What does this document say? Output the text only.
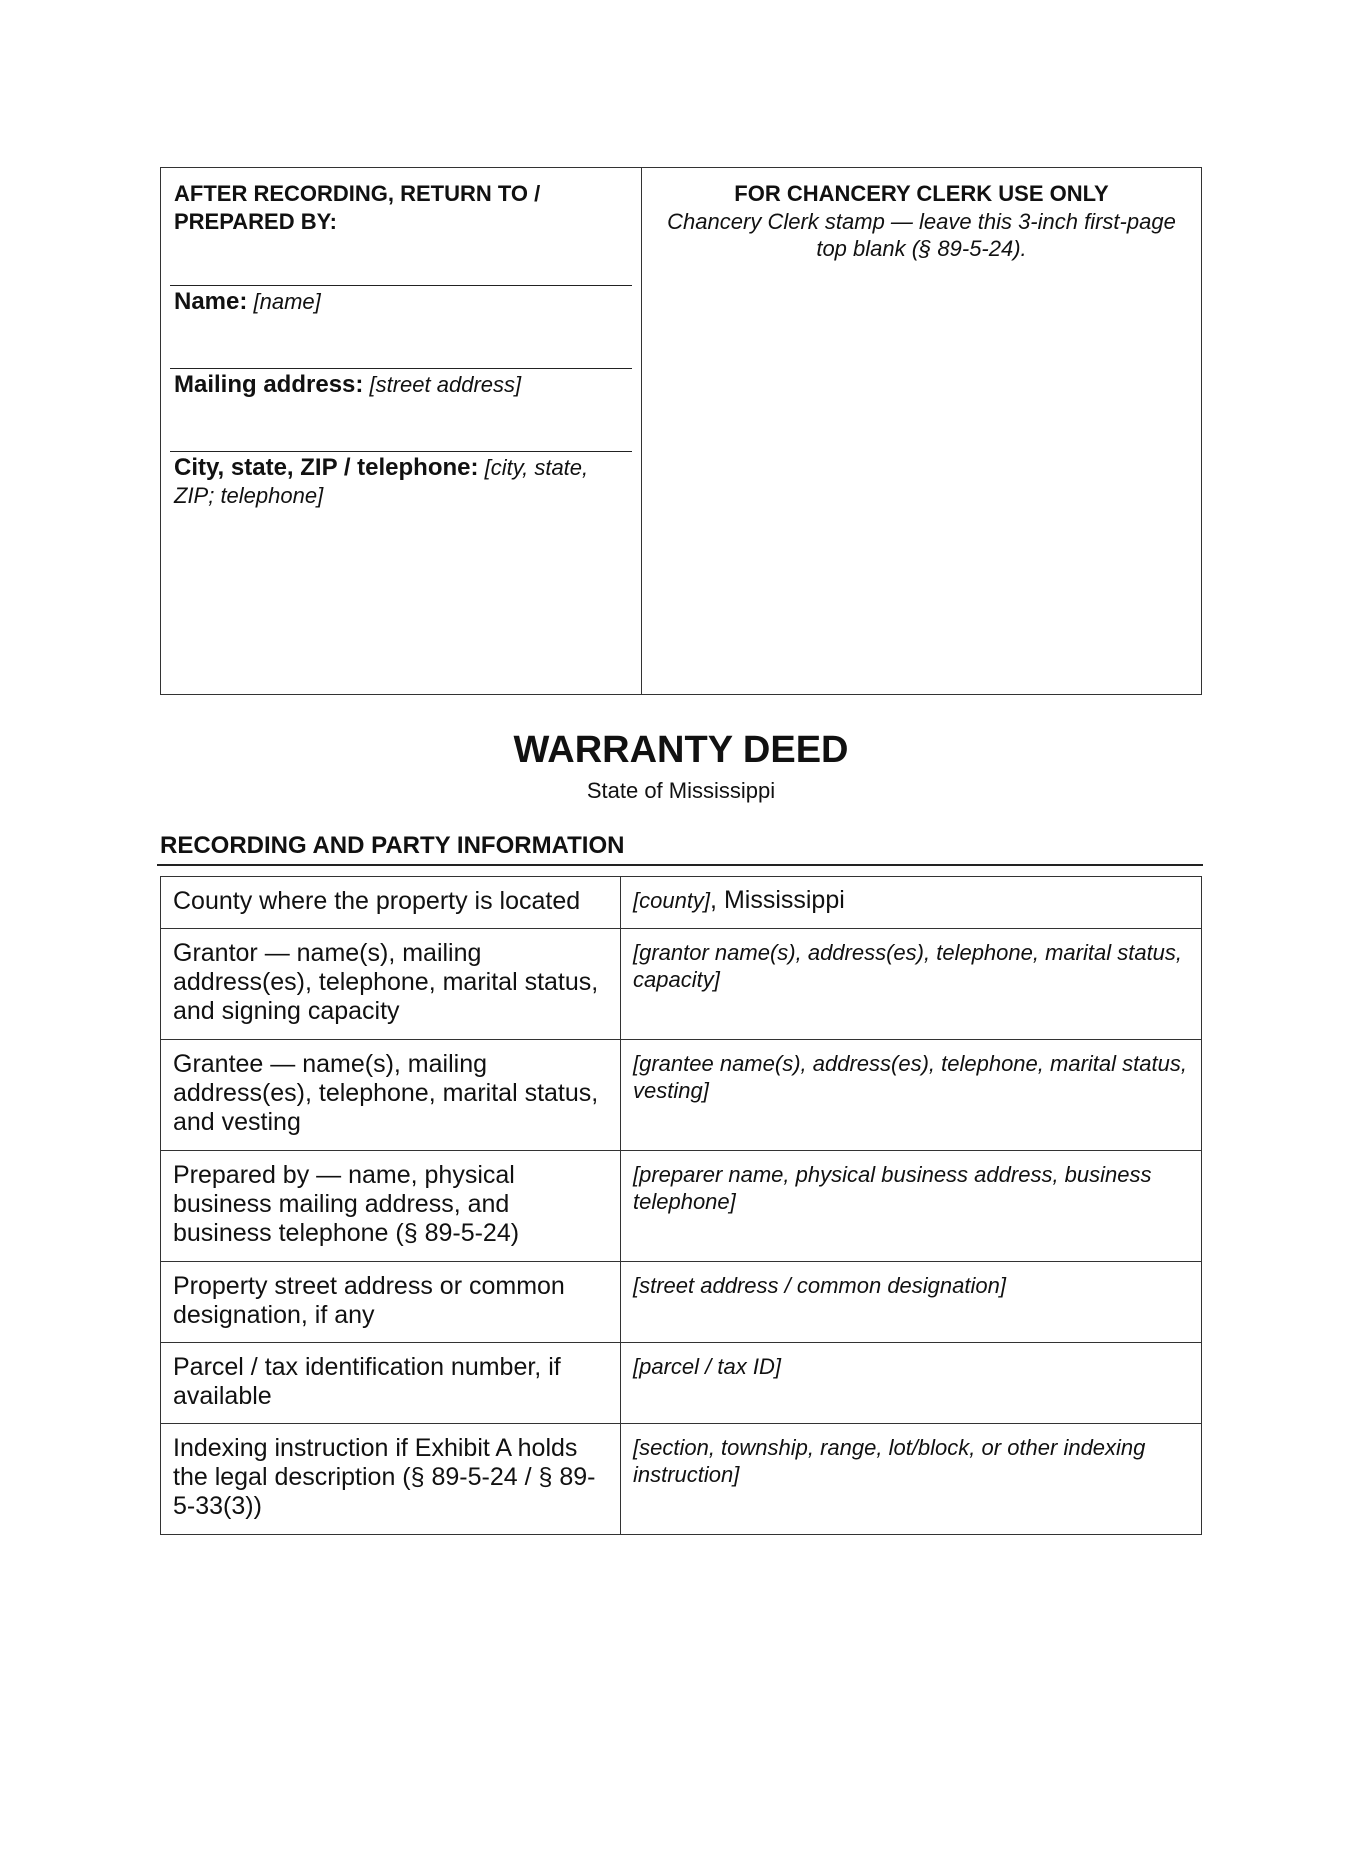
AFTER RECORDING, RETURN TO / PREPARED BY:
Name: [name]
Mailing address: [street address]
City, state, ZIP / telephone: [city, state, ZIP; telephone]
FOR CHANCERY CLERK USE ONLY
Chancery Clerk stamp — leave this 3-inch first-page top blank (§ 89-5-24).
WARRANTY DEED
State of Mississippi
RECORDING AND PARTY INFORMATION
County where the property is located	[county], Mississippi
Grantor — name(s), mailing address(es), telephone, marital status, and signing capacity	[grantor name(s), address(es), telephone, marital status, capacity]
Grantee — name(s), mailing address(es), telephone, marital status, and vesting	[grantee name(s), address(es), telephone, marital status, vesting]
Prepared by — name, physical business mailing address, and business telephone (§ 89-5-24)	[preparer name, physical business address, business telephone]
Property street address or common designation, if any	[street address / common designation]
Parcel / tax identification number, if available	[parcel / tax ID]
Indexing instruction if Exhibit A holds the legal description (§ 89-5-24 / § 89-5-33(3))	[section, township, range, lot/block, or other indexing instruction]
